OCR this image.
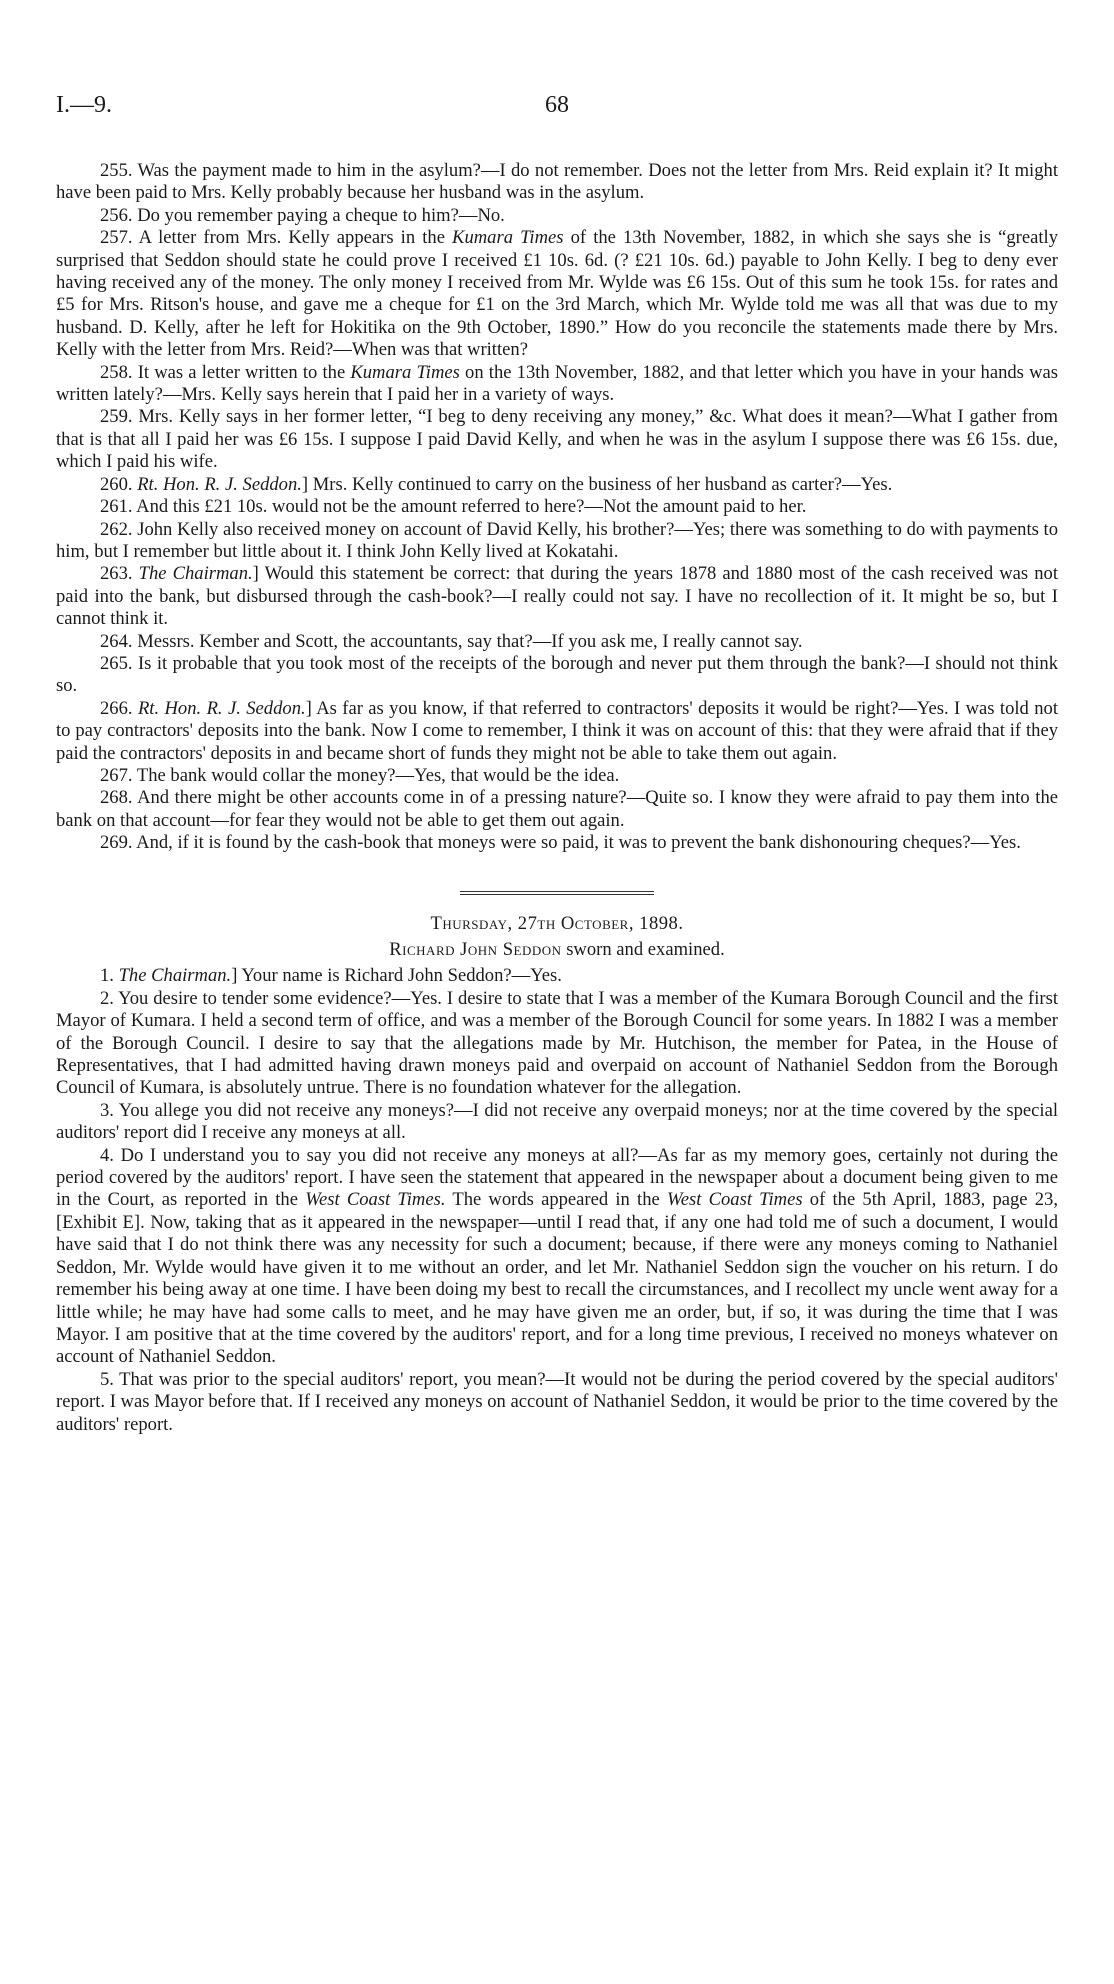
I.—9.	68

255. Was the payment made to him in the asylum?—I do not remember. Does not the letter from Mrs. Reid explain it? It might have been paid to Mrs. Kelly probably because her husband was in the asylum.

256. Do you remember paying a cheque to him?—No.

257. A letter from Mrs. Kelly appears in the Kumara Times of the 13th November, 1882, in which she says she is “greatly surprised that Seddon should state he could prove I received £1 10s. 6d. (? £21 10s. 6d.) payable to John Kelly. I beg to deny ever having received any of the money. The only money I received from Mr. Wylde was £6 15s. Out of this sum he took 15s. for rates and £5 for Mrs. Ritson's house, and gave me a cheque for £1 on the 3rd March, which Mr. Wylde told me was all that was due to my husband. D. Kelly, after he left for Hokitika on the 9th October, 1890.” How do you reconcile the statements made there by Mrs. Kelly with the letter from Mrs. Reid?—When was that written?

258. It was a letter written to the Kumara Times on the 13th November, 1882, and that letter which you have in your hands was written lately?—Mrs. Kelly says herein that I paid her in a variety of ways.

259. Mrs. Kelly says in her former letter, “I beg to deny receiving any money,” &c. What does it mean?—What I gather from that is that all I paid her was £6 15s. I suppose I paid David Kelly, and when he was in the asylum I suppose there was £6 15s. due, which I paid his wife.

260. Rt. Hon. R. J. Seddon.] Mrs. Kelly continued to carry on the business of her husband as carter?—Yes.

261. And this £21 10s. would not be the amount referred to here?—Not the amount paid to her.

262. John Kelly also received money on account of David Kelly, his brother?—Yes; there was something to do with payments to him, but I remember but little about it. I think John Kelly lived at Kokatahi.

263. The Chairman.] Would this statement be correct: that during the years 1878 and 1880 most of the cash received was not paid into the bank, but disbursed through the cash-book?—I really could not say. I have no recollection of it. It might be so, but I cannot think it.

264. Messrs. Kember and Scott, the accountants, say that?—If you ask me, I really cannot say.

265. Is it probable that you took most of the receipts of the borough and never put them through the bank?—I should not think so.

266. Rt. Hon. R. J. Seddon.] As far as you know, if that referred to contractors' deposits it would be right?—Yes. I was told not to pay contractors' deposits into the bank. Now I come to remember, I think it was on account of this: that they were afraid that if they paid the contractors' deposits in and became short of funds they might not be able to take them out again.

267. The bank would collar the money?—Yes, that would be the idea.

268. And there might be other accounts come in of a pressing nature?—Quite so. I know they were afraid to pay them into the bank on that account—for fear they would not be able to get them out again.

269. And, if it is found by the cash-book that moneys were so paid, it was to prevent the bank dishonouring cheques?—Yes.

Thursday, 27th October, 1898.
Richard John Seddon sworn and examined.

1. The Chairman.] Your name is Richard John Seddon?—Yes.

2. You desire to tender some evidence?—Yes. I desire to state that I was a member of the Kumara Borough Council and the first Mayor of Kumara. I held a second term of office, and was a member of the Borough Council for some years. In 1882 I was a member of the Borough Council. I desire to say that the allegations made by Mr. Hutchison, the member for Patea, in the House of Representatives, that I had admitted having drawn moneys paid and overpaid on account of Nathaniel Seddon from the Borough Council of Kumara, is absolutely untrue. There is no foundation whatever for the allegation.

3. You allege you did not receive any moneys?—I did not receive any overpaid moneys; nor at the time covered by the special auditors' report did I receive any moneys at all.

4. Do I understand you to say you did not receive any moneys at all?—As far as my memory goes, certainly not during the period covered by the auditors' report. I have seen the statement that appeared in the newspaper about a document being given to me in the Court, as reported in the West Coast Times. The words appeared in the West Coast Times of the 5th April, 1883, page 23, [Exhibit E]. Now, taking that as it appeared in the newspaper—until I read that, if any one had told me of such a document, I would have said that I do not think there was any necessity for such a document; because, if there were any moneys coming to Nathaniel Seddon, Mr. Wylde would have given it to me without an order, and let Mr. Nathaniel Seddon sign the voucher on his return. I do remember his being away at one time. I have been doing my best to recall the circumstances, and I recollect my uncle went away for a little while; he may have had some calls to meet, and he may have given me an order, but, if so, it was during the time that I was Mayor. I am positive that at the time covered by the auditors' report, and for a long time previous, I received no moneys whatever on account of Nathaniel Seddon.

5. That was prior to the special auditors' report, you mean?—It would not be during the period covered by the special auditors' report. I was Mayor before that. If I received any moneys on account of Nathaniel Seddon, it would be prior to the time covered by the auditors' report.
